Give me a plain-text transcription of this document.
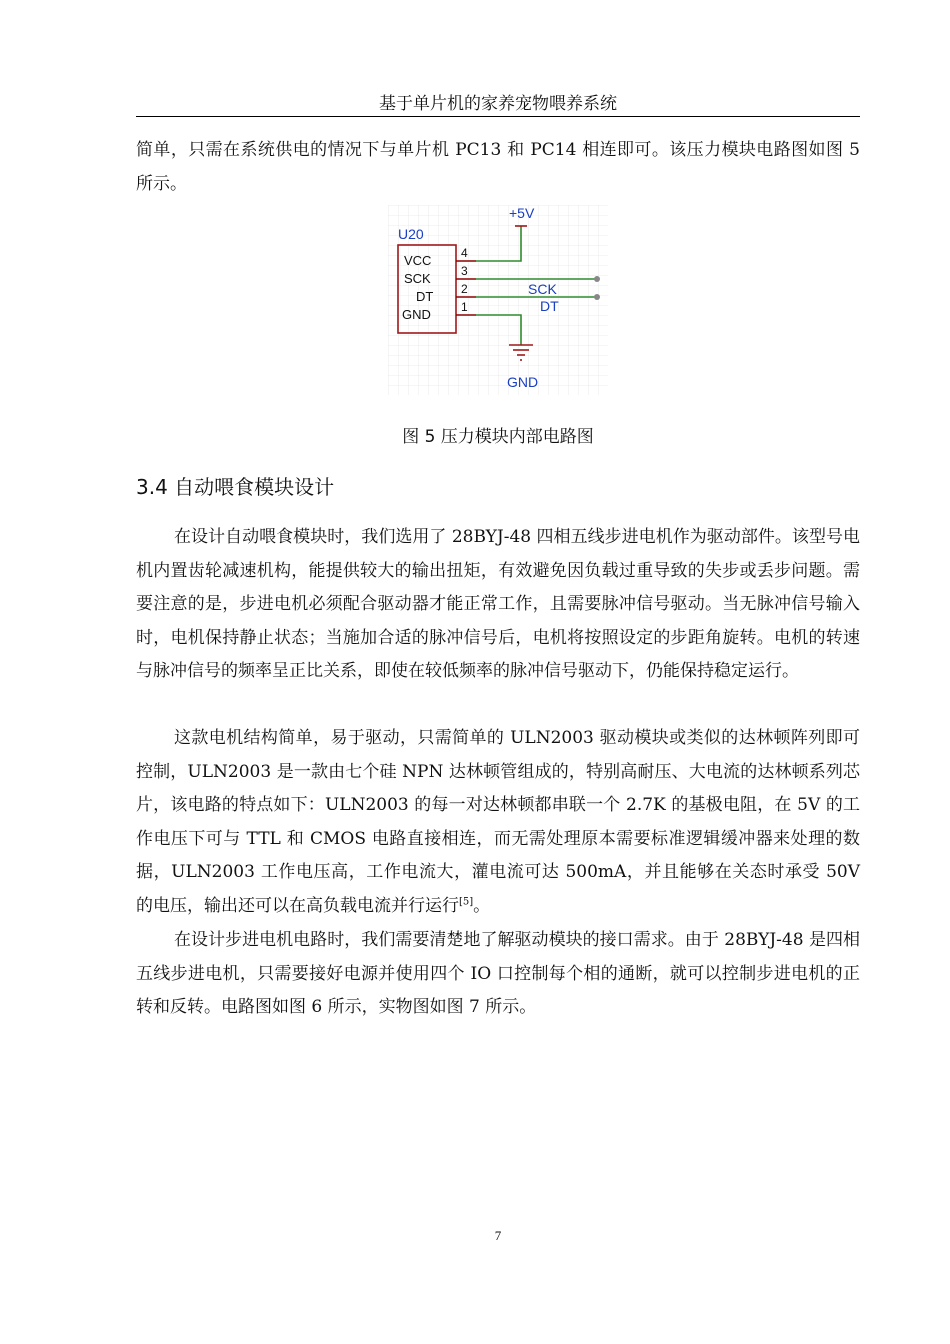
基于单片机的家养宠物喂养系统

简单，只需在系统供电的情况下与单片机 PC13 和 PC14 相连即可。该压力模块电路图如图 5 所示。

U20
VCC
SCK
DT
GND
4
3
2
1
+5V
GND
SCK
DT
图 5 压力模块内部电路图
3.4 自动喂食模块设计

在设计自动喂食模块时，我们选用了 28BYJ-48 四相五线步进电机作为驱动部件。该型号电机内置齿轮减速机构，能提供较大的输出扭矩，有效避免因负载过重导致的失步或丢步问题。需要注意的是，步进电机必须配合驱动器才能正常工作，且需要脉冲信号驱动。当无脉冲信号输入时，电机保持静止状态；当施加合适的脉冲信号后，电机将按照设定的步距角旋转。电机的转速与脉冲信号的频率呈正比关系，即使在较低频率的脉冲信号驱动下，仍能保持稳定运行。

这款电机结构简单，易于驱动，只需简单的 ULN2003 驱动模块或类似的达林顿阵列即可控制，ULN2003 是一款由七个硅 NPN 达林顿管组成的，特别高耐压、大电流的达林顿系列芯片，该电路的特点如下：ULN2003 的每一对达林顿都串联一个 2.7K 的基极电阻，在 5V 的工作电压下可与 TTL 和 CMOS 电路直接相连，而无需处理原本需要标准逻辑缓冲器来处理的数据，ULN2003 工作电压高，工作电流大，灌电流可达 500mA，并且能够在关态时承受 50V 的电压，输出还可以在高负载电流并行运行[5]。

在设计步进电机电路时，我们需要清楚地了解驱动模块的接口需求。由于 28BYJ-48 是四相五线步进电机，只需要接好电源并使用四个 IO 口控制每个相的通断，就可以控制步进电机的正转和反转。电路图如图 6 所示，实物图如图 7 所示。

7
